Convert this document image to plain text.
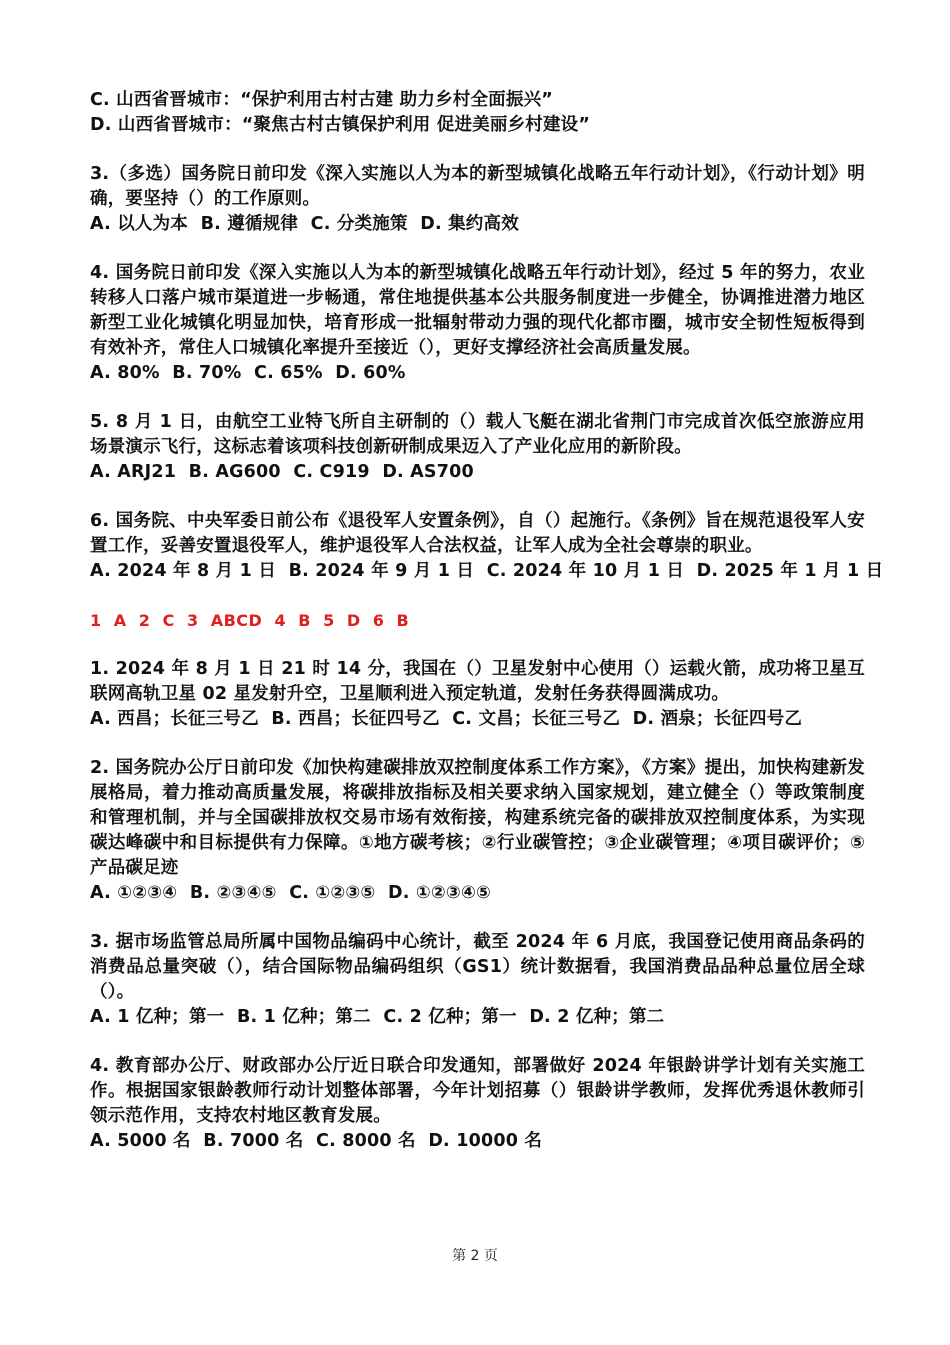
C. 山西省晋城市：“保护利用古村古建 助力乡村全面振兴”
D. 山西省晋城市：“聚焦古村古镇保护利用 促进美丽乡村建设”
3.（多选）国务院日前印发《深入实施以人为本的新型城镇化战略五年行动计划》，《行动计划》明确，要坚持（）的工作原则。
A. 以人为本  B. 遵循规律  C. 分类施策  D. 集约高效
4. 国务院日前印发《深入实施以人为本的新型城镇化战略五年行动计划》，经过 5 年的努力，农业转移人口落户城市渠道进一步畅通，常住地提供基本公共服务制度进一步健全，协调推进潜力地区新型工业化城镇化明显加快，培育形成一批辐射带动力强的现代化都市圈，城市安全韧性短板得到有效补齐，常住人口城镇化率提升至接近（），更好支撑经济社会高质量发展。
A. 80%  B. 70%  C. 65%  D. 60%
5. 8 月 1 日，由航空工业特飞所自主研制的（）载人飞艇在湖北省荆门市完成首次低空旅游应用场景演示飞行，这标志着该项科技创新研制成果迈入了产业化应用的新阶段。
A. ARJ21  B. AG600  C. C919  D. AS700
6. 国务院、中央军委日前公布《退役军人安置条例》，自（）起施行。《条例》旨在规范退役军人安置工作，妥善安置退役军人，维护退役军人合法权益，让军人成为全社会尊崇的职业。
A. 2024 年 8 月 1 日  B. 2024 年 9 月 1 日  C. 2024 年 10 月 1 日  D. 2025 年 1 月 1 日
1  A  2  C  3  ABCD  4  B  5  D  6  B
1. 2024 年 8 月 1 日 21 时 14 分，我国在（）卫星发射中心使用（）运载火箭，成功将卫星互联网高轨卫星 02 星发射升空，卫星顺利进入预定轨道，发射任务获得圆满成功。
A. 西昌；长征三号乙  B. 西昌；长征四号乙  C. 文昌；长征三号乙  D. 酒泉；长征四号乙
2. 国务院办公厅日前印发《加快构建碳排放双控制度体系工作方案》，《方案》提出，加快构建新发展格局，着力推动高质量发展，将碳排放指标及相关要求纳入国家规划，建立健全（）等政策制度和管理机制，并与全国碳排放权交易市场有效衔接，构建系统完备的碳排放双控制度体系，为实现碳达峰碳中和目标提供有力保障。①地方碳考核；②行业碳管控；③企业碳管理；④项目碳评价；⑤产品碳足迹
A. ①②③④  B. ②③④⑤  C. ①②③⑤  D. ①②③④⑤
3. 据市场监管总局所属中国物品编码中心统计，截至 2024 年 6 月底，我国登记使用商品条码的消费品总量突破（），结合国际物品编码组织（GS1）统计数据看，我国消费品品种总量位居全球（）。
A. 1 亿种；第一  B. 1 亿种；第二  C. 2 亿种；第一  D. 2 亿种；第二
4. 教育部办公厅、财政部办公厅近日联合印发通知，部署做好 2024 年银龄讲学计划有关实施工作。根据国家银龄教师行动计划整体部署，今年计划招募（）银龄讲学教师，发挥优秀退休教师引领示范作用，支持农村地区教育发展。
A. 5000 名  B. 7000 名  C. 8000 名  D. 10000 名
第 2 页
